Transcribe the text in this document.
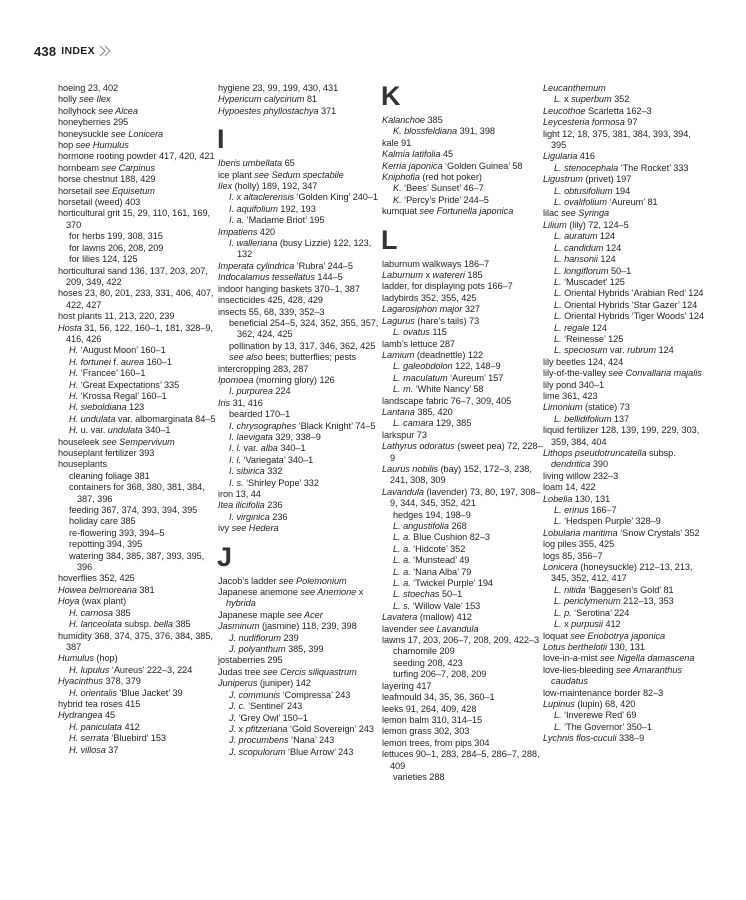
438 INDEX
hoeing 23, 402
holly see Ilex
hollyhock see Alcea
honeyberries 295
honeysuckle see Lonicera
hop see Humulus
hormone rooting powder 417, 420, 421
hornbeam see Carpinus
horse chestnut 188, 429
horsetail see Equisetum
horsetail (weed) 403
horticultural grit 15, 29, 110, 161, 169, 370
for herbs 199, 308, 315
for lawns 206, 208, 209
for lilies 124, 125
horticultural sand 136, 137, 203, 207, 209, 349, 422
hoses 23, 80, 201, 233, 331, 406, 407, 422, 427
host plants 11, 213, 220, 239
Hosta 31, 56, 122, 160–1, 181, 328–9, 416, 426
H. ‘August Moon’ 160–1
H. fortunei f. aurea 160–1
H. ‘Francee’ 160–1
H. ‘Great Expectations’ 335
H. ‘Krossa Regal’ 160–1
H. sieboldiana 123
H. undulata var. albomarginata 84–5
H. u. var. undulata 340–1
houseleek see Sempervivum
houseplant fertilizer 393
houseplants
cleaning foliage 381
containers for 368, 380, 381, 384, 387, 396
feeding 367, 374, 393, 394, 395
holiday care 385
re-flowering 393, 394–5
repotting 394, 395
watering 384, 385, 387, 393, 395, 396
hoverflies 352, 425
Howea belmoreana 381
Hoya (wax plant)
H. carnosa 385
H. lanceolata subsp. bella 385
humidity 368, 374, 375, 376, 384, 385, 387
Humulus (hop)
H. lupulus ‘Aureus’ 222–3, 224
Hyacinthus 378, 379
H. orientalis ‘Blue Jacket’ 39
hybrid tea roses 415
Hydrangea 45
H. paniculata 412
H. serrata ‘Bluebird’ 153
H. villosa 37
hygiene 23, 99, 199, 430, 431
Hypericum calycinum 81
Hypoestes phyllostachya 371
I
Iberis umbellata 65
ice plant see Sedum spectabile
Ilex (holly) 189, 192, 347
I. x altaclerensis ‘Golden King’ 240–1
I. aquifolium 192, 193
I. a. ‘Madame Briot’ 195
Impatiens 420
I. walleriana (busy Lizzie) 122, 123, 132
Imperata cylindrica ‘Rubra’ 244–5
Indocalamus tessellatus 144–5
indoor hanging baskets 370–1, 387
insecticides 425, 428, 429
insects 55, 68, 339, 352–3
beneficial 254–5, 324, 352, 355, 357, 362, 424, 425
pollination by 13, 317, 346, 362, 425
see also bees; butterflies; pests
intercropping 283, 287
Ipomoea (morning glory) 126
I. purpurea 224
Iris 31, 416
bearded 170–1
I. chrysographes ‘Black Knight’ 74–5
I. laevigata 329, 338–9
I. l. var. alba 340–1
I. l. ‘Variegata’ 340–1
I. sibirica 332
I. s. ‘Shirley Pope’ 332
iron 13, 44
Itea ilicifolia 236
I. virginica 236
ivy see Hedera
J
Jacob’s ladder see Polemonium
Japanese anemone see Anemone x hybrida
Japanese maple see Acer
Jasminum (jasmine) 118, 239, 398
J. nudiflorum 239
J. polyanthum 385, 399
jostaberries 295
Judas tree see Cercis siliquastrum
Juniperus (juniper) 142
J. communis ‘Compressa’ 243
J. c. ‘Sentinel’ 243
J. ‘Grey Owl’ 150–1
J. x pfitzeriana ‘Gold Sovereign’ 243
J. procumbens ‘Nana’ 243
J. scopulorum ‘Blue Arrow’ 243
K
Kalanchoe 385
K. blossfeldiana 391, 398
kale 91
Kalmia latifolia 45
Kerria japonica ‘Golden Guinea’ 58
Kniphofia (red hot poker)
K. ‘Bees’ Sunset’ 46–7
K. ‘Percy’s Pride’ 244–5
kumquat see Fortunella japonica
L
laburnum walkways 186–7
Laburnum x watereri 185
ladder, for displaying pots 166–7
ladybirds 352, 355, 425
Lagarosiphon major 327
Lagurus (hare’s tails) 73
L. ovatus 115
lamb’s lettuce 287
Lamium (deadnettle) 122
L. galeobdolon 122, 148–9
L. maculatum ‘Aureum’ 157
L. m. ‘White Nancy’ 58
landscape fabric 76–7, 309, 405
Lantana 385, 420
L. camara 129, 385
larkspur 73
Lathyrus odoratus (sweet pea) 72, 228–9
Laurus nobilis (bay) 152, 172–3, 238, 241, 308, 309
Lavandula (lavender) 73, 80, 197, 308–9, 344, 345, 352, 421
hedges 194, 198–9
L. angustifolia 268
L. a. Blue Cushion 82–3
L. a. ‘Hidcote’ 352
L. a. ‘Munstead’ 49
L. a. ‘Nana Alba’ 79
L. a. ‘Twickel Purple’ 194
L. stoechas 50–1
L. s. ‘Willow Vale’ 153
Lavatera (mallow) 412
lavender see Lavandula
lawns 17, 203, 206–7, 208, 209, 422–3
chamomile 209
seeding 208, 423
turfing 206–7, 208, 209
layering 417
leafmould 34, 35, 36, 360–1
leeks 91, 264, 409, 428
lemon balm 310, 314–15
lemon grass 302, 303
lemon trees, from pips 304
lettuces 90–1, 283, 284–5, 286–7, 288, 409
varieties 288
Leucanthemum
L. x superbum 352
Leucothoe Scarletta 162–3
Leycesteria formosa 97
light 12, 18, 375, 381, 384, 393, 394, 395
Ligularia 416
L. stenocephala ‘The Rocket’ 333
Ligustrum (privet) 197
L. obtusifolium 194
L. ovalifolium ‘Aureum’ 81
lilac see Syringa
Lilium (lily) 72, 124–5
L. auratum 124
L. candidum 124
L. hansonii 124
L. longiflorum 50–1
L. ‘Muscadet’ 125
L. Oriental Hybrids ‘Arabian Red’ 124
L. Oriental Hybrids ‘Star Gazer’ 124
L. Oriental Hybrids ‘Tiger Woods’ 124
L. regale 124
L. ‘Reinesse’ 125
L. speciosum var. rubrum 124
lily beetles 124, 424
lily-of-the-valley see Convallaria majalis
lily pond 340–1
lime 361, 423
Limonium (statice) 73
L. bellidifolium 137
liquid fertilizer 128, 139, 199, 229, 303, 359, 384, 404
Lithops pseudotruncatella subsp. dendritica 390
living willow 232–3
loam 14, 422
Lobelia 130, 131
L. erinus 166–7
L. ‘Hedspen Purple’ 328–9
Lobularia maritima ‘Snow Crystals’ 352
log piles 355, 425
logs 85, 356–7
Lonicera (honeysuckle) 212–13, 213, 345, 352, 412, 417
L. nitida ‘Baggesen’s Gold’ 81
L. periclymenum 212–13, 353
L. p. ‘Serotina’ 224
L. x purpusii 412
loquat see Eriobotrya japonica
Lotus berthelotii 130, 131
love-in-a-mist see Nigella damascena
love-lies-bleeding see Amaranthus caudatus
low-maintenance border 82–3
Lupinus (lupin) 68, 420
L. ‘Inverewe Red’ 69
L. ‘The Governor’ 350–1
Lychnis flos-cuculi 338–9
